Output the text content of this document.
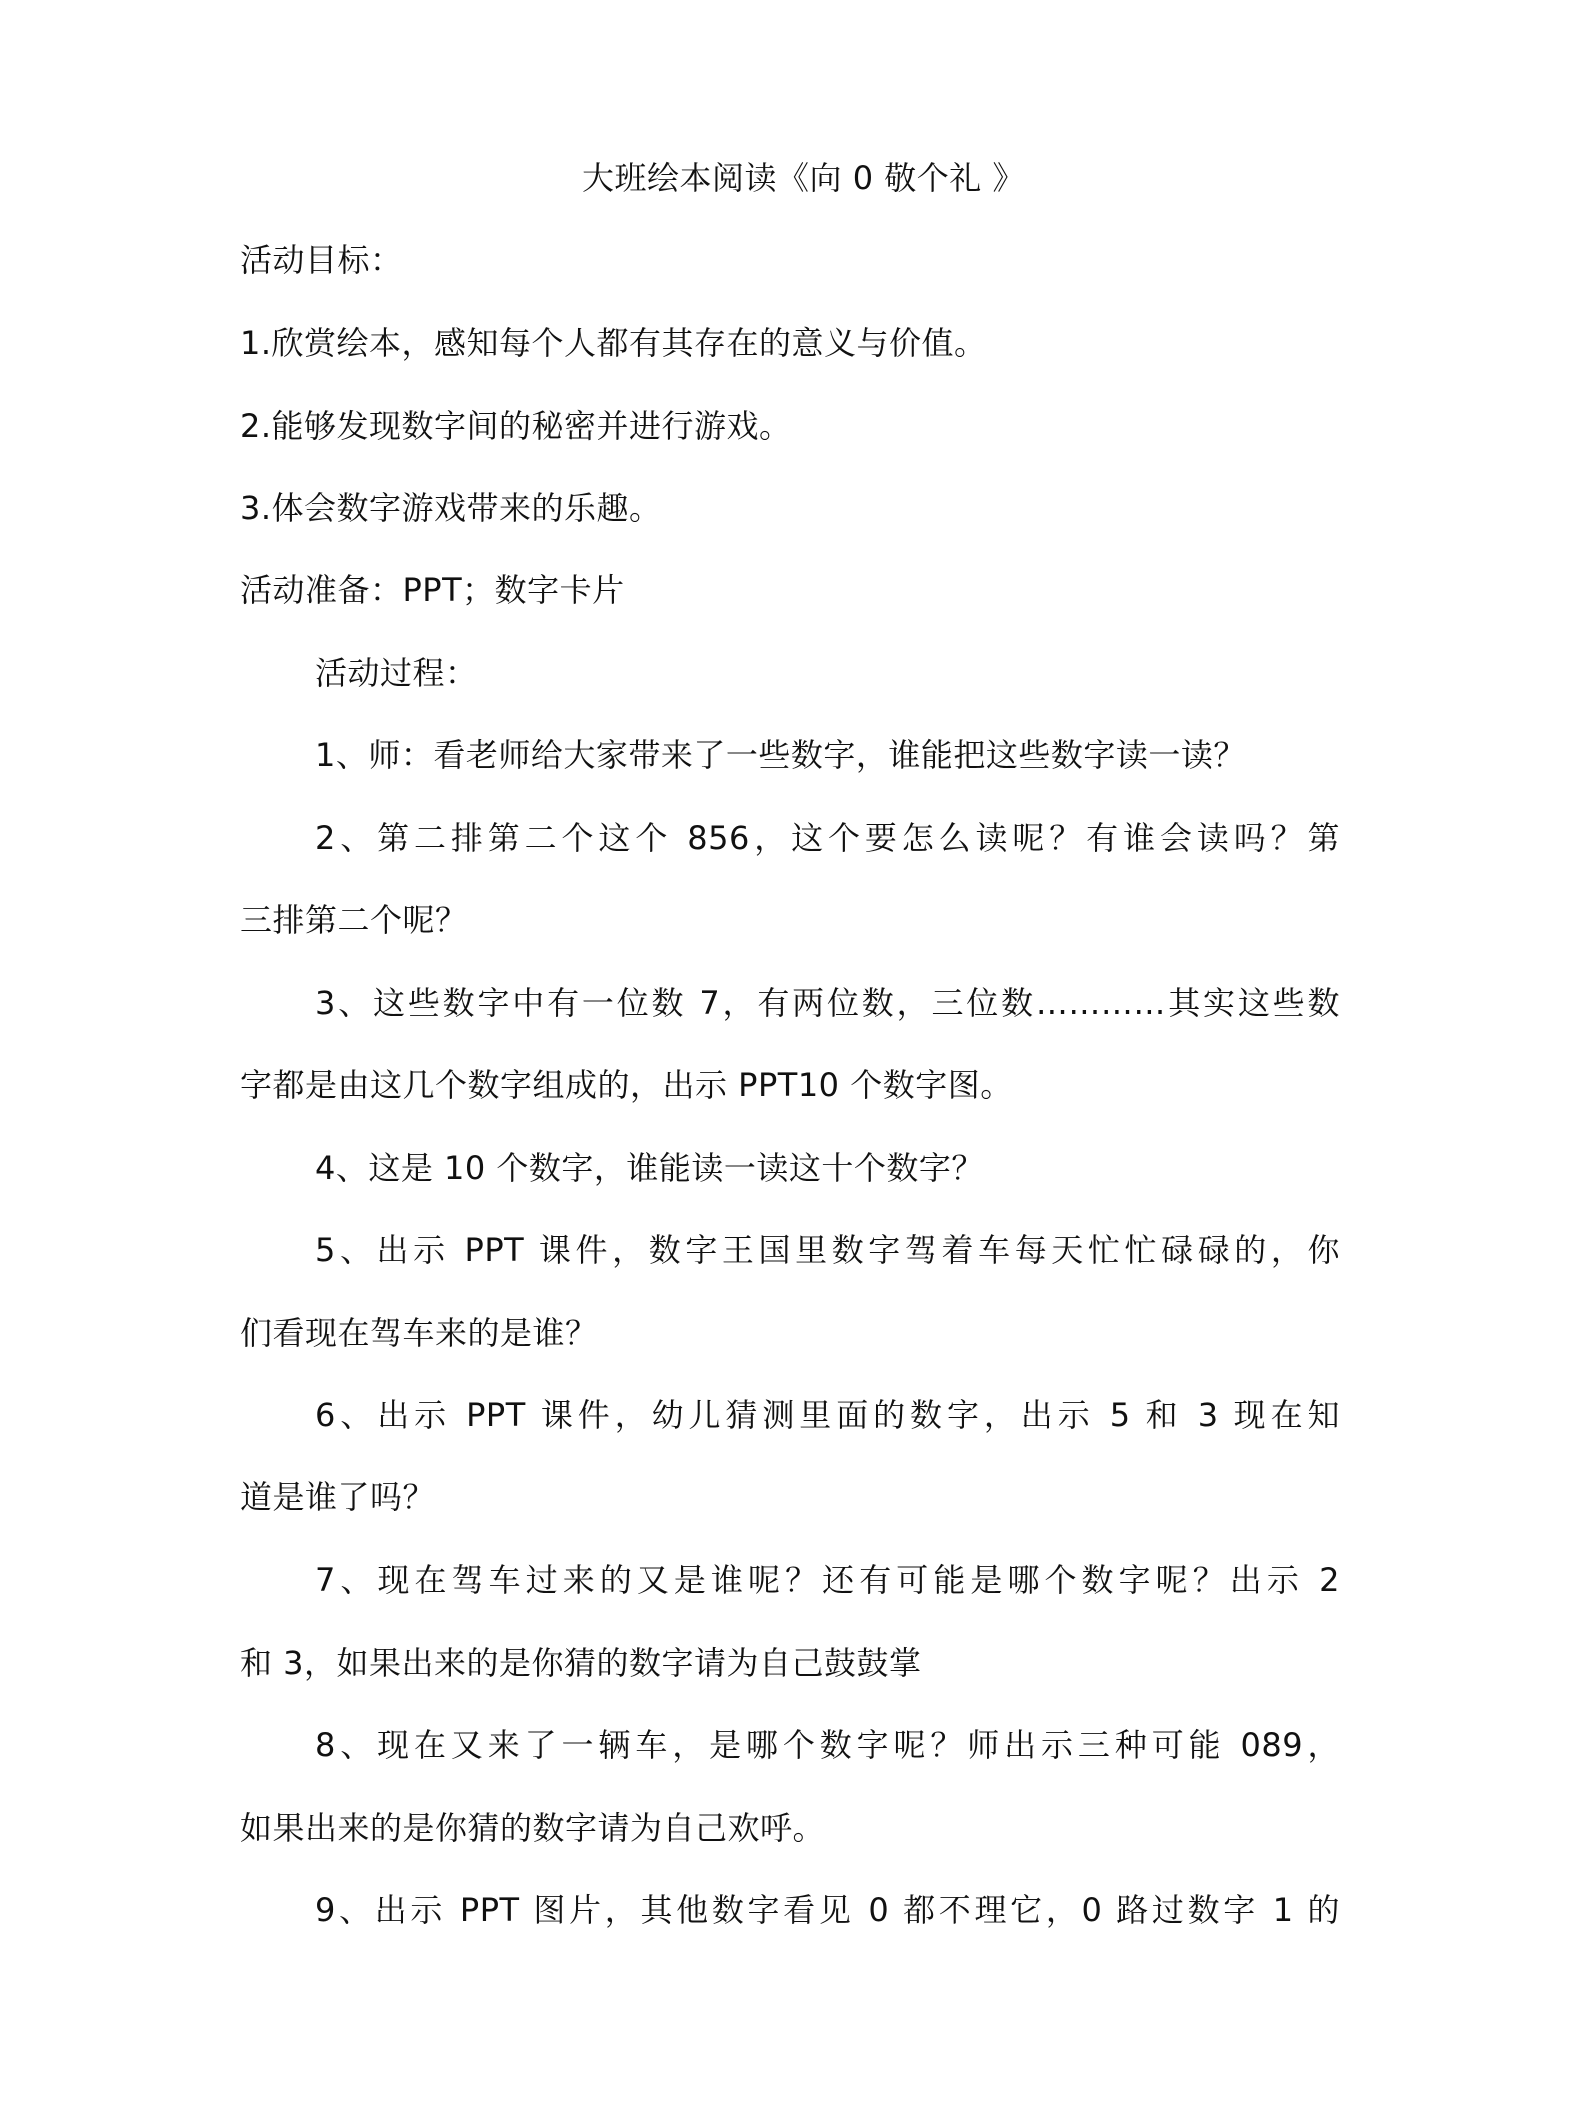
大班绘本阅读《向 0 敬个礼 》
活动目标：
1.欣赏绘本，感知每个人都有其存在的意义与价值。
2.能够发现数字间的秘密并进行游戏。
3.体会数字游戏带来的乐趣。
活动准备：PPT；数字卡片
活动过程：
1、师：看老师给大家带来了一些数字，谁能把这些数字读一读？
2、第二排第二个这个 856，这个要怎么读呢？有谁会读吗？第
三排第二个呢？
3、这些数字中有一位数 7，有两位数，三位数…………其实这些数
字都是由这几个数字组成的，出示 PPT10 个数字图。
4、这是 10 个数字，谁能读一读这十个数字？
5、出示 PPT 课件，数字王国里数字驾着车每天忙忙碌碌的，你
们看现在驾车来的是谁？
6、出示 PPT 课件，幼儿猜测里面的数字，出示 5 和 3 现在知
道是谁了吗？
7、现在驾车过来的又是谁呢？还有可能是哪个数字呢？出示 2
和 3，如果出来的是你猜的数字请为自己鼓鼓掌
8、现在又来了一辆车，是哪个数字呢？师出示三种可能 089，
如果出来的是你猜的数字请为自己欢呼。
9、出示 PPT 图片，其他数字看见 0 都不理它，0 路过数字 1 的
